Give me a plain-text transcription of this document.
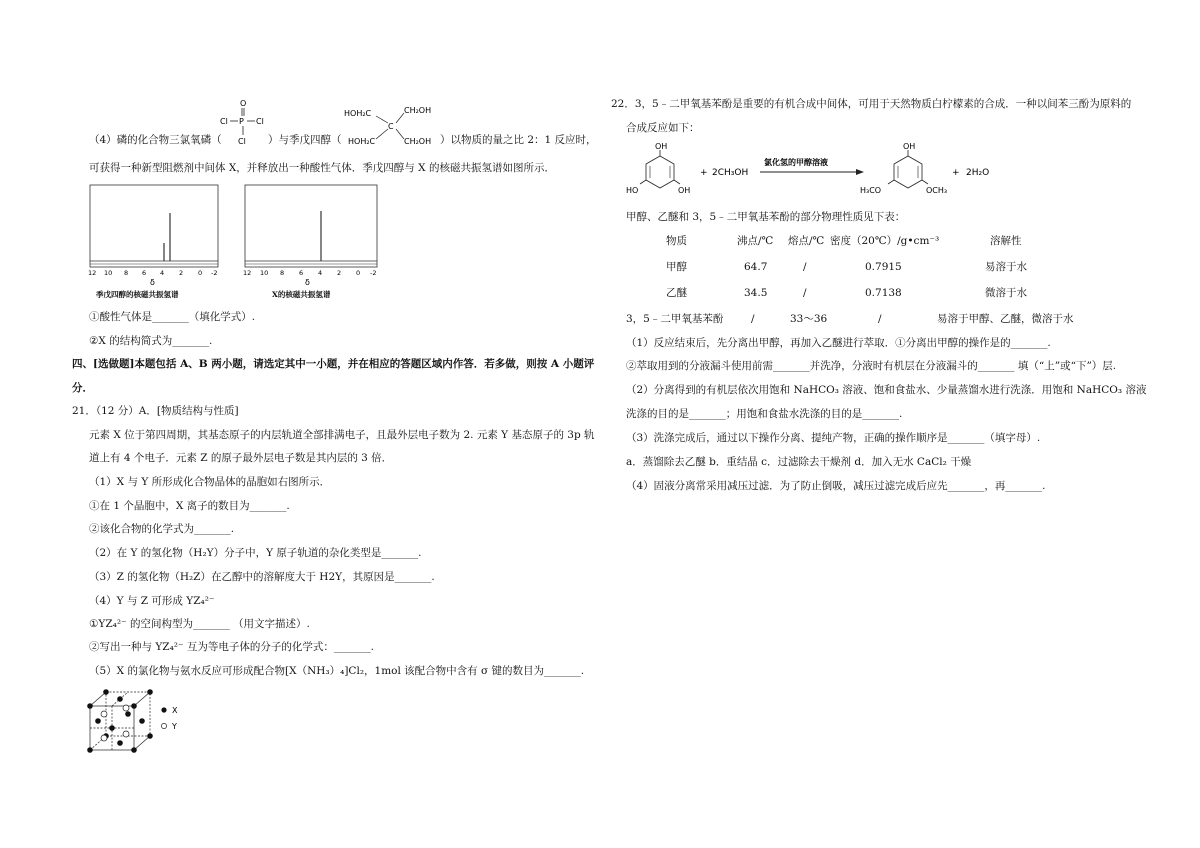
O
Cl P Cl
Cl
HOH₂C	CH₂OH
C
HOH₂C	CH₂OH
（4）磷的化合物三氯氧磷（	）与季戊四醇（	）以物质的量之比 2：1 反应时，
可获得一种新型阻燃剂中间体 X，并释放出一种酸性气体．季戊四醇与 X 的核磁共振氢谱如图所示．
12 10 8 6 4 2 0 -2
δ
季戊四醇的核磁共振氢谱
12 10 8 6 4 2 0 -2
δ
X的核磁共振氢谱
①酸性气体是_______（填化学式）.
②X 的结构简式为_______.
四、[选做题]本题包括 A、B 两小题，请选定其中一小题，并在相应的答题区域内作答．若多做，则按 A 小题评
分．
21．（12 分）A．[物质结构与性质]
元素 X 位于第四周期，其基态原子的内层轨道全部排满电子，且最外层电子数为 2. 元素 Y 基态原子的 3p 轨
道上有 4 个电子．元素 Z 的原子最外层电子数是其内层的 3 倍．
（1）X 与 Y 所形成化合物晶体的晶胞如右图所示．
①在 1 个晶胞中，X 离子的数目为_______.
②该化合物的化学式为_______.
（2）在 Y 的氢化物（H₂Y）分子中，Y 原子轨道的杂化类型是_______.
（3）Z 的氢化物（H₂Z）在乙醇中的溶解度大于 H2Y，其原因是_______.
（4）Y 与 Z 可形成 YZ₄²⁻
①YZ₄²⁻ 的空间构型为_______ （用文字描述）.
②写出一种与 YZ₄²⁻ 互为等电子体的分子的化学式：_______.
（5）X 的氯化物与氨水反应可形成配合物[X（NH₃）₄]Cl₂，1mol 该配合物中含有 σ 键的数目为_______.
X
Y
22．3，5﹣二甲氧基苯酚是重要的有机合成中间体，可用于天然物质白柠檬素的合成．一种以间苯三酚为原料的
合成反应如下：
OH
HO	OH
+ 2CH₃OH
氯化氢的甲醇溶液
OH
H₃CO	OCH₃
+ 2H₂O
甲醇、乙醚和 3，5﹣二甲氧基苯酚的部分物理性质见下表：
物质	沸点/℃ 熔点/℃ 密度（20℃）/g•cm⁻³	溶解性
甲醇	64.7	/	0.7915	易溶于水
乙醚	34.5	/	0.7138	微溶于水
3，5﹣二甲氧基苯酚	/	33～36	/	易溶于甲醇、乙醚，微溶于水
（1）反应结束后，先分离出甲醇，再加入乙醚进行萃取．①分离出甲醇的操作是的_______.
②萃取用到的分液漏斗使用前需_______并洗净，分液时有机层在分液漏斗的_______ 填（“上”或“下”）层.
（2）分离得到的有机层依次用饱和 NaHCO₃ 溶液、饱和食盐水、少量蒸馏水进行洗涤．用饱和 NaHCO₃ 溶液
洗涤的目的是_______；用饱和食盐水洗涤的目的是_______.
（3）洗涤完成后，通过以下操作分离、提纯产物，正确的操作顺序是_______（填字母）.
a．蒸馏除去乙醚 b．重结晶 c．过滤除去干燥剂 d．加入无水 CaCl₂ 干燥
（4）固液分离常采用减压过滤．为了防止倒吸，减压过滤完成后应先_______，再_______.
